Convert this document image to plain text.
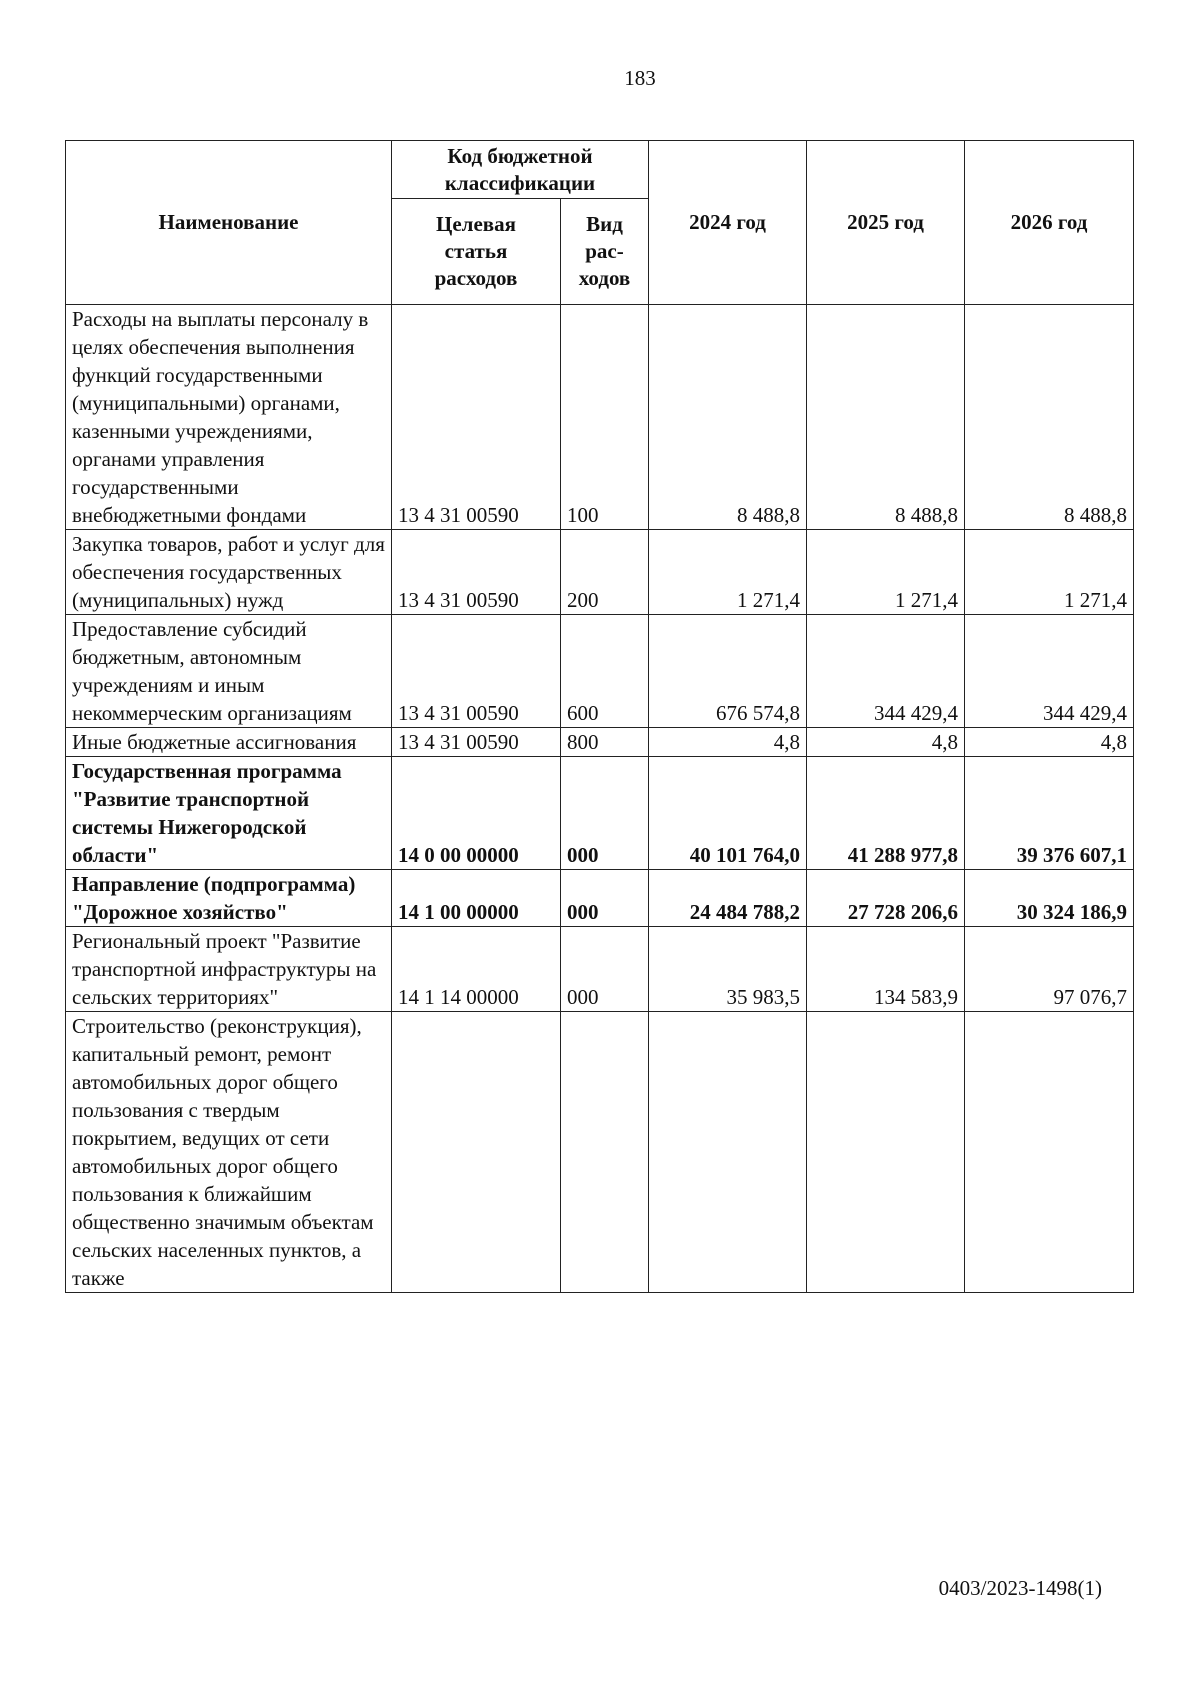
183
Наименование	Код бюджетной классификации		2024 год	2025 год	2026 год
	Целевая статья расходов	Вид рас-ходов			
Расходы на выплаты персоналу в целях обеспечения выполнения функций государственными (муниципальными) органами, казенными учреждениями, органами управления государственными внебюджетными фондами	13 4 31 00590	100	8 488,8	8 488,8	8 488,8
Закупка товаров, работ и услуг для обеспечения государственных (муниципальных) нужд	13 4 31 00590	200	1 271,4	1 271,4	1 271,4
Предоставление субсидий бюджетным, автономным учреждениям и иным некоммерческим организациям	13 4 31 00590	600	676 574,8	344 429,4	344 429,4
Иные бюджетные ассигнования	13 4 31 00590	800	4,8	4,8	4,8
Государственная программа "Развитие транспортной системы Нижегородской области"	14 0 00 00000	000	40 101 764,0	41 288 977,8	39 376 607,1
Направление (подпрограмма) "Дорожное хозяйство"	14 1 00 00000	000	24 484 788,2	27 728 206,6	30 324 186,9
Региональный проект "Развитие транспортной инфраструктуры на сельских территориях"	14 1 14 00000	000	35 983,5	134 583,9	97 076,7
Строительство (реконструкция), капитальный ремонт, ремонт автомобильных дорог общего пользования с твердым покрытием, ведущих от сети автомобильных дорог общего пользования к ближайшим общественно значимым объектам сельских населенных пунктов, а также					
0403/2023-1498(1)
